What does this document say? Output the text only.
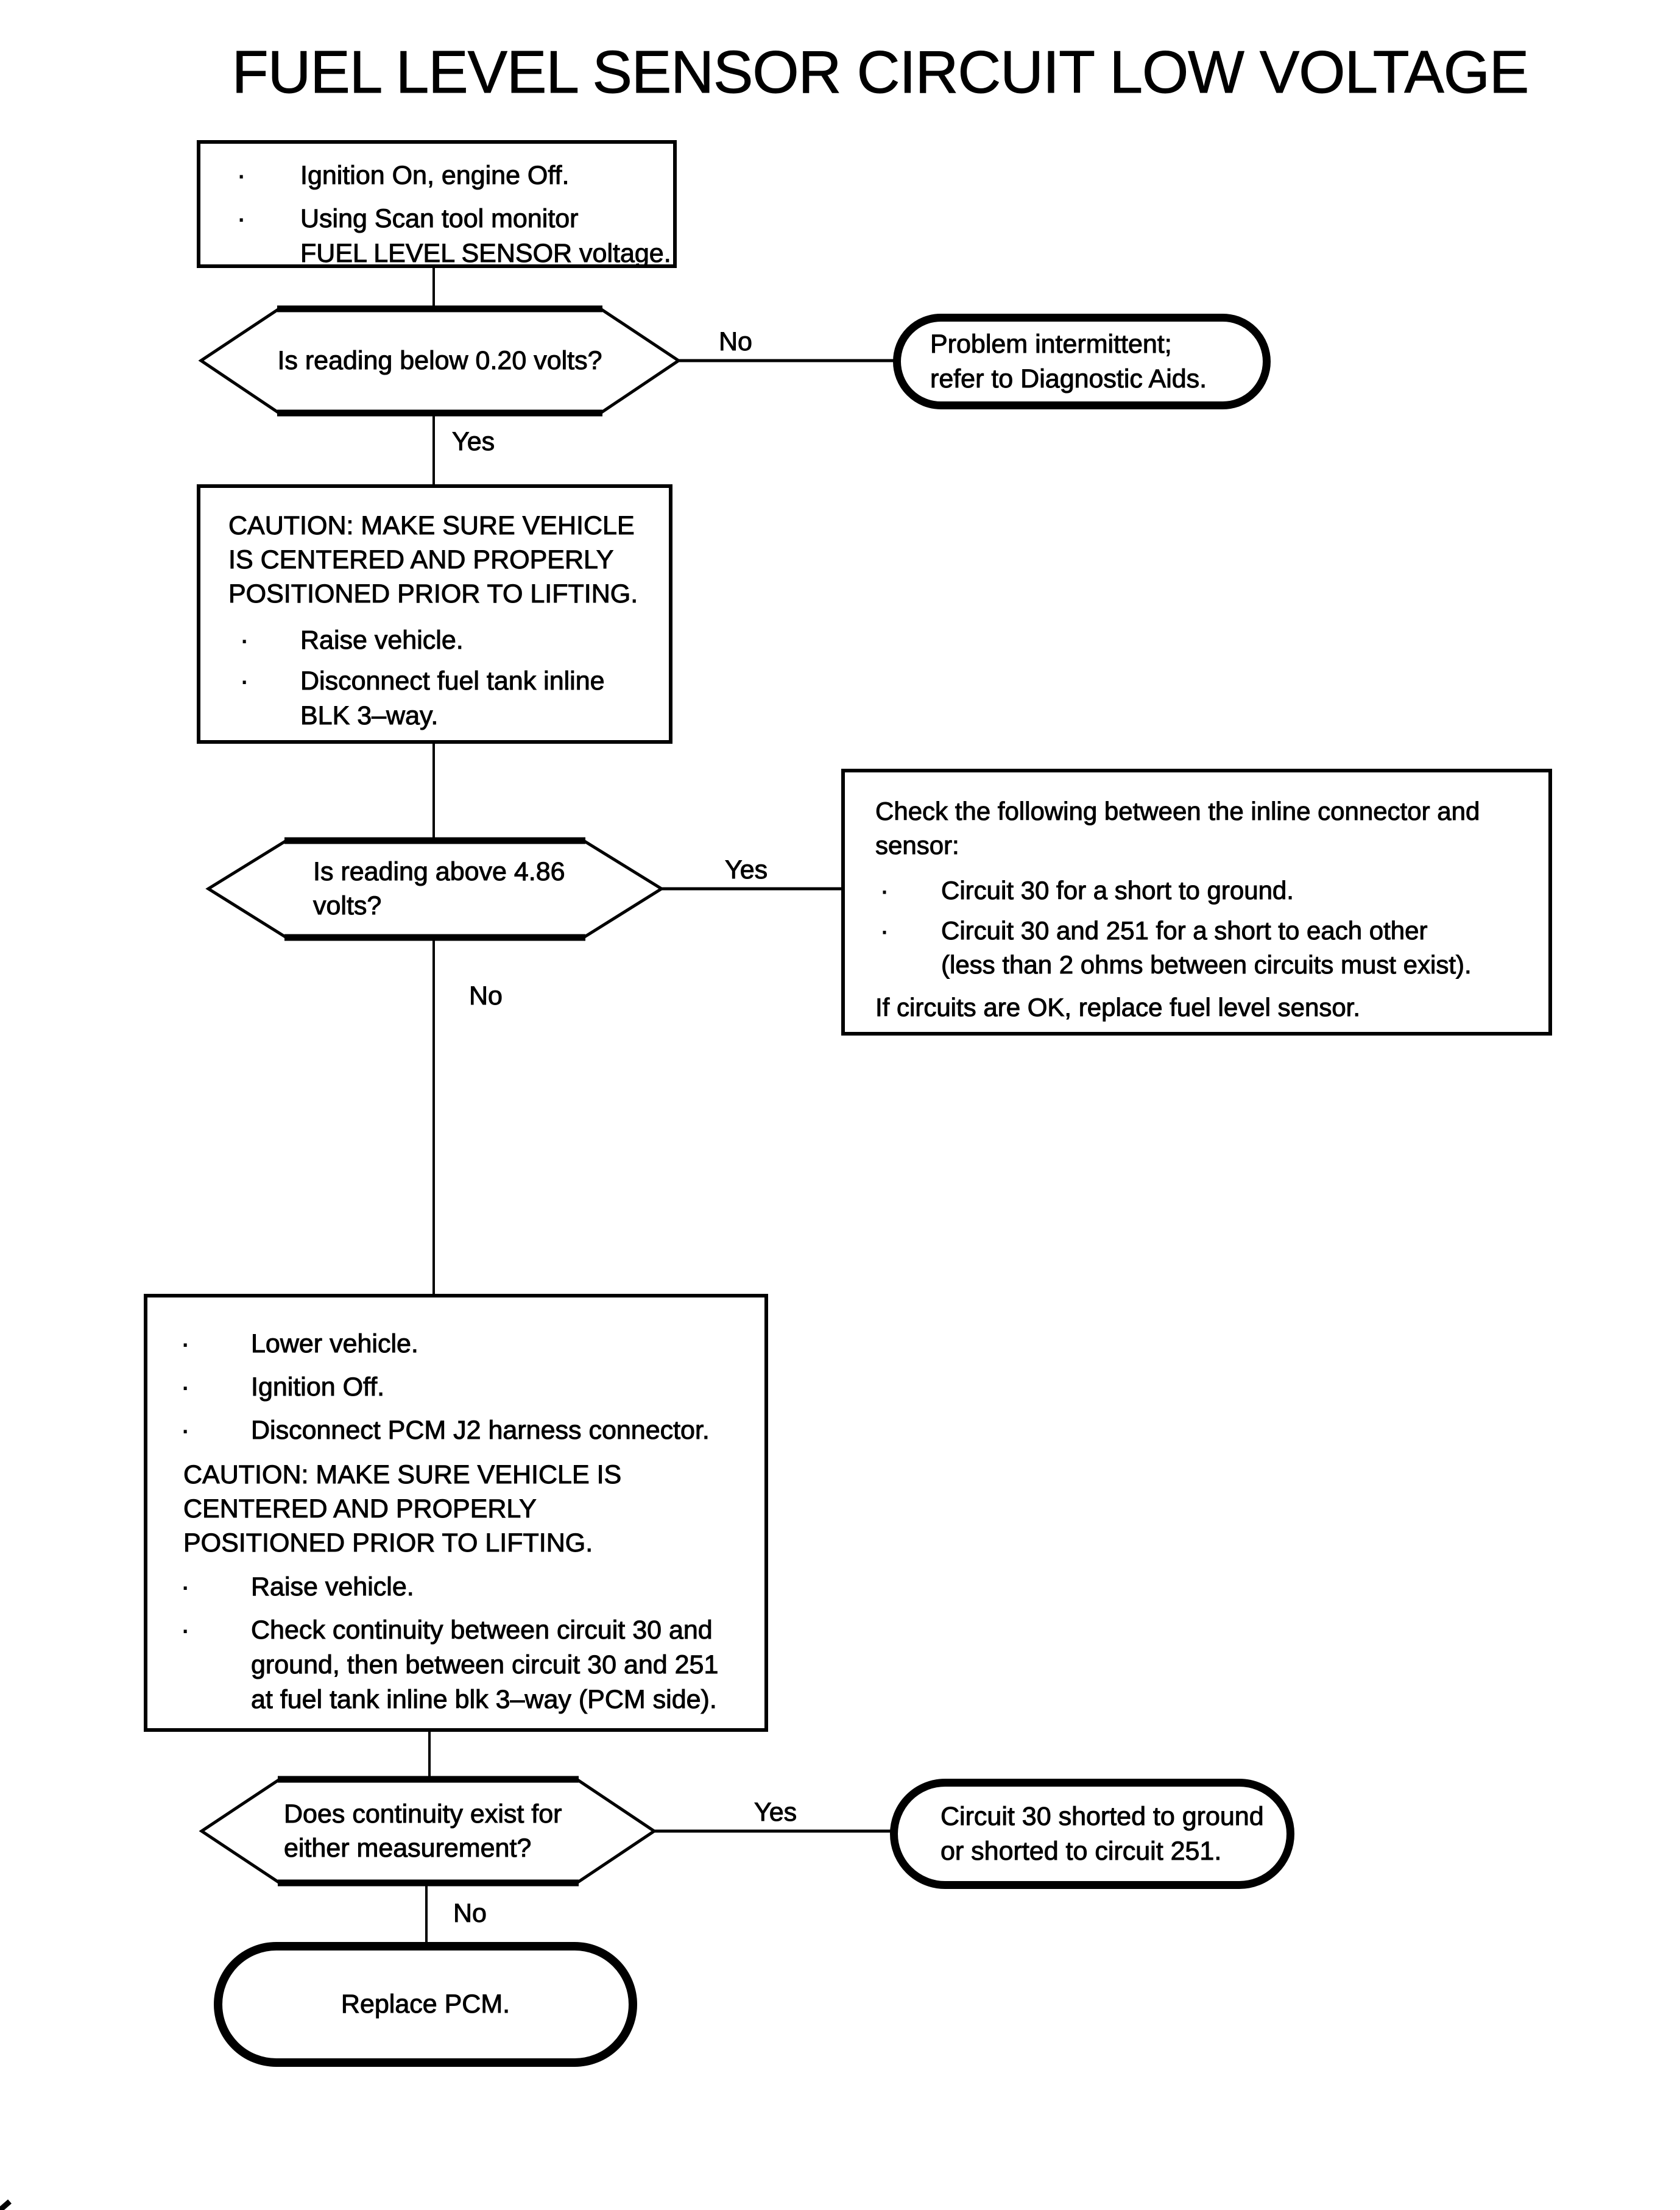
FUEL LEVEL SENSOR CIRCUIT LOW VOLTAGE
·	Ignition On, engine Off.
·	Using Scan tool monitor
FUEL LEVEL SENSOR voltage.
Is reading below 0.20 volts?
Problem intermittent;
refer to Diagnostic Aids.
CAUTION: MAKE SURE VEHICLE
IS CENTERED AND PROPERLY
POSITIONED PRIOR TO LIFTING.
·	Raise vehicle.
·	Disconnect fuel tank inline
BLK 3–way.
Is reading above 4.86
volts?
Check the following between the inline connector and
sensor:
·	Circuit 30 for a short to ground.
·	Circuit 30 and 251 for a short to each other
(less than 2 ohms between circuits must exist).
If circuits are OK, replace fuel level sensor.
·	Lower vehicle.
·	Ignition Off.
·	Disconnect PCM J2 harness connector.
CAUTION: MAKE SURE VEHICLE IS
CENTERED AND PROPERLY
POSITIONED PRIOR TO LIFTING.
·	Raise vehicle.
·	Check continuity between circuit 30 and
ground, then between circuit 30 and 251
at fuel tank inline blk 3–way (PCM side).
Does continuity exist for
either measurement?
Circuit 30 shorted to ground
or shorted to circuit 251.
Replace PCM.
No
Yes
Yes
No
Yes
No
